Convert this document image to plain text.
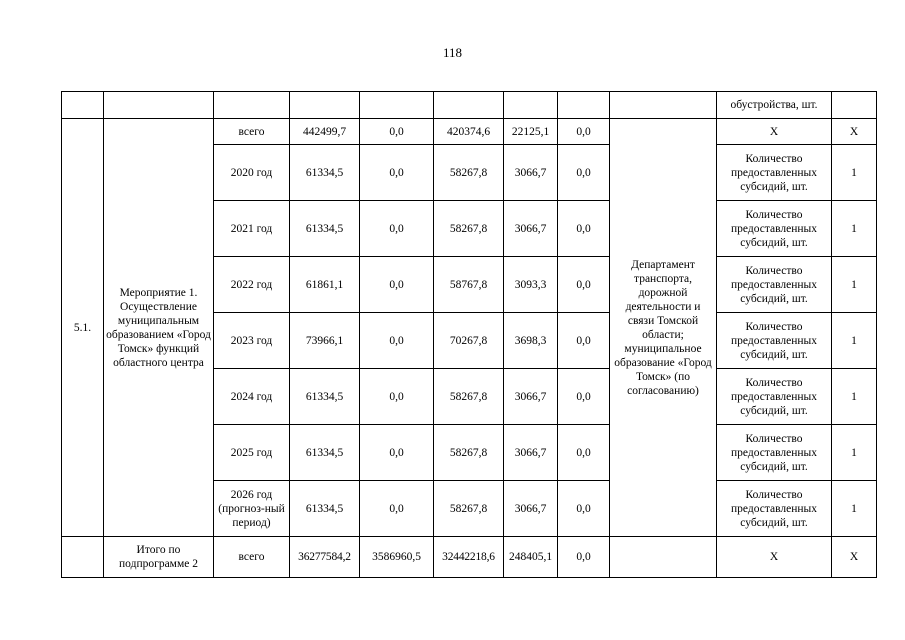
118
									обустройства, шт.	
5.1.	Мероприятие 1. Осуществление муниципальным образованием «Город Томск» функций областного центра	всего	442499,7	0,0	420374,6	22125,1	0,0	Департамент транспорта, дорожной деятельности и связи Томской области; муниципальное образование «Город Томск» (по согласованию)	Х	Х
		2020 год	61334,5	0,0	58267,8	3066,7	0,0		Количество предоставленных субсидий, шт.	1
		2021 год	61334,5	0,0	58267,8	3066,7	0,0		Количество предоставленных субсидий, шт.	1
		2022 год	61861,1	0,0	58767,8	3093,3	0,0		Количество предоставленных субсидий, шт.	1
		2023 год	73966,1	0,0	70267,8	3698,3	0,0		Количество предоставленных субсидий, шт.	1
		2024 год	61334,5	0,0	58267,8	3066,7	0,0		Количество предоставленных субсидий, шт.	1
		2025 год	61334,5	0,0	58267,8	3066,7	0,0		Количество предоставленных субсидий, шт.	1
		2026 год (прогноз-ный период)	61334,5	0,0	58267,8	3066,7	0,0		Количество предоставленных субсидий, шт.	1
	Итого по подпрограмме 2	всего	36277584,2	3586960,5	32442218,6	248405,1	0,0		Х	Х
